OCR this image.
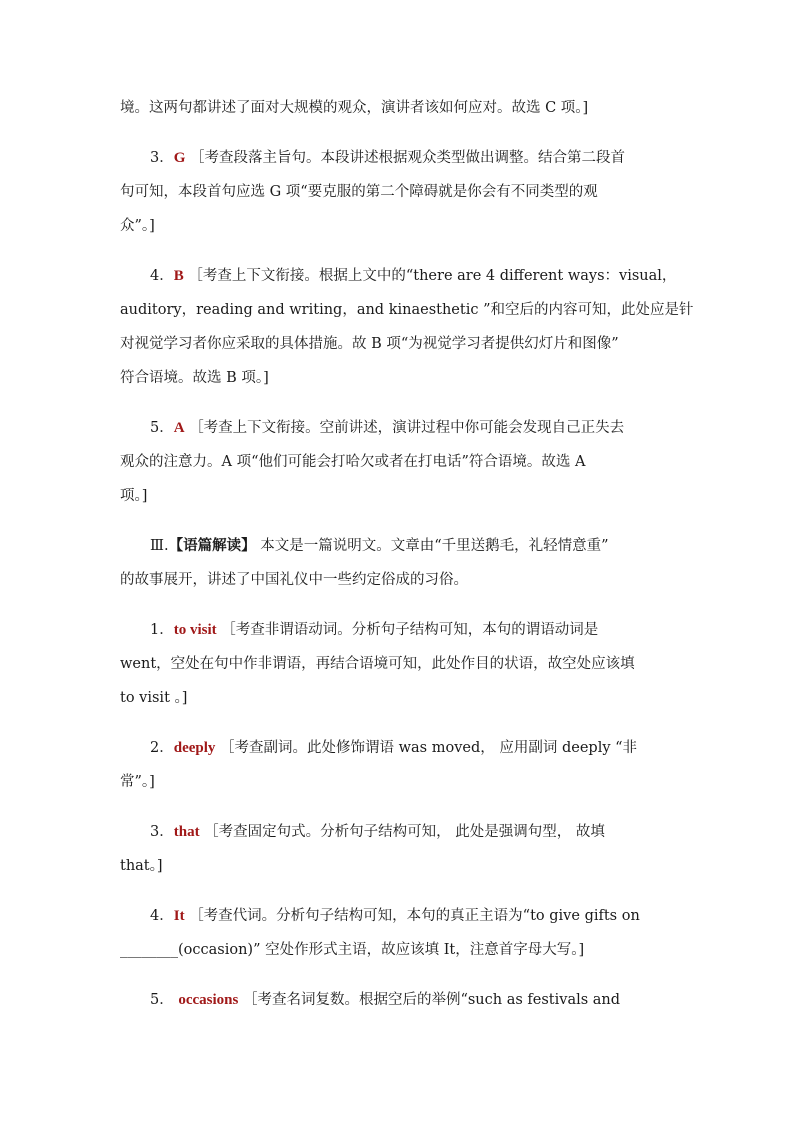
境。这两句都讲述了面对大规模的观众，演讲者该如何应对。故选 C 项。]
3．G ［考查段落主旨句。本段讲述根据观众类型做出调整。结合第二段首
句可知，本段首句应选 G 项“要克服的第二个障碍就是你会有不同类型的观
众”。]
4．B ［考查上下文衔接。根据上文中的“there are 4 different ways：visual，
auditory，reading and writing，and kinaesthetic ”和空后的内容可知，此处应是针
对视觉学习者你应采取的具体措施。故 B 项“为视觉学习者提供幻灯片和图像”
符合语境。故选 B 项。]
5．A ［考查上下文衔接。空前讲述，演讲过程中你可能会发现自己正失去
观众的注意力。A 项“他们可能会打哈欠或者在打电话”符合语境。故选 A
项。]
Ⅲ.【语篇解读】 本文是一篇说明文。文章由“千里送鹅毛，礼轻情意重”
的故事展开，讲述了中国礼仪中一些约定俗成的习俗。
1．to visit ［考查非谓语动词。分析句子结构可知，本句的谓语动词是
went，空处在句中作非谓语，再结合语境可知，此处作目的状语，故空处应该填
to visit 。]
2．deeply ［考查副词。此处修饰谓语 was moved， 应用副词 deeply “非
常”。]
3．that ［考查固定句式。分析句子结构可知， 此处是强调句型， 故填
that。]
4．It ［考查代词。分析句子结构可知，本句的真正主语为“to give gifts on
________(occasion)” 空处作形式主语，故应该填 It，注意首字母大写。]
5． occasions ［考查名词复数。根据空后的举例“such as festivals and
